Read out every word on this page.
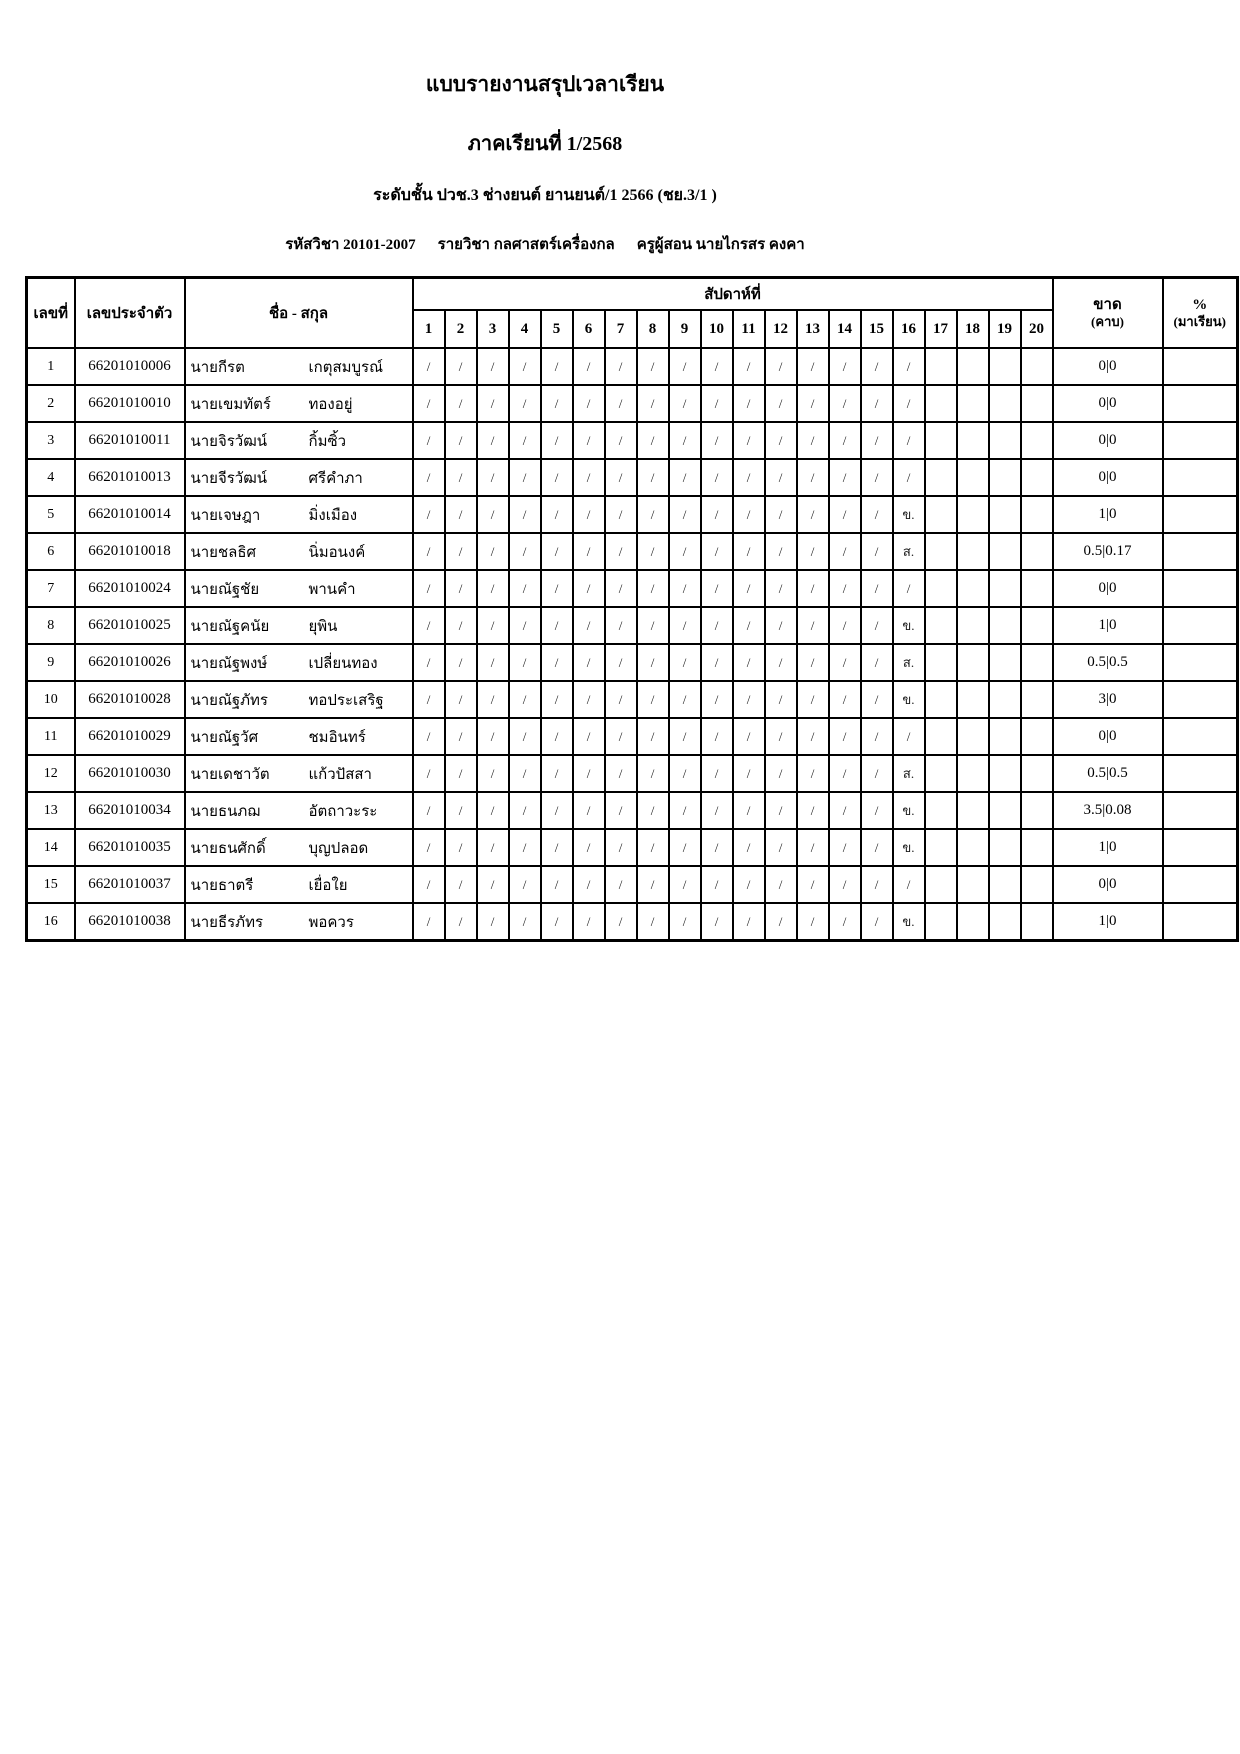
แบบรายงานสรุปเวลาเรียน

ภาคเรียนที่ 1/2568

ระดับชั้น ปวช.3 ช่างยนต์ ยานยนต์/1 2566 (ชย.3/1 )

รหัสวิชา 20101-2007 รายวิชา กลศาสตร์เครื่องกล ครูผู้สอน นายไกรสร คงคา

เลขที่	เลขประจำตัว	ชื่อ - สกุล	สัปดาห์ที่																				ขาด
(คาบ)	%
(มาเรียน)

			1	2	3	4	5	6	7	8	9	10	11	12	13	14	15	16	17	18	19	20		
1	66201010006	นายกีรต เกตุสมบูรณ์	/	/	/	/	/	/	/	/	/	/	/	/	/	/	/	/					0|0	
2	66201010010	นายเขมทัตร์ ทองอยู่	/	/	/	/	/	/	/	/	/	/	/	/	/	/	/	/					0|0	
3	66201010011	นายจิรวัฒน์ กิ้มซิ้ว	/	/	/	/	/	/	/	/	/	/	/	/	/	/	/	/					0|0	
4	66201010013	นายจีรวัฒน์ ศรีคำภา	/	/	/	/	/	/	/	/	/	/	/	/	/	/	/	/					0|0	
5	66201010014	นายเจษฎา มิ่งเมือง	/	/	/	/	/	/	/	/	/	/	/	/	/	/	/	ข.					1|0	
6	66201010018	นายชลธิศ นิ่มอนงค์	/	/	/	/	/	/	/	/	/	/	/	/	/	/	/	ส.					0.5|0.17	
7	66201010024	นายณัฐชัย พานคำ	/	/	/	/	/	/	/	/	/	/	/	/	/	/	/	/					0|0	
8	66201010025	นายณัฐคนัย ยุพิน	/	/	/	/	/	/	/	/	/	/	/	/	/	/	/	ข.					1|0	
9	66201010026	นายณัฐพงษ์ เปลี่ยนทอง	/	/	/	/	/	/	/	/	/	/	/	/	/	/	/	ส.					0.5|0.5	
10	66201010028	นายณัฐภัทร ทอประเสริฐ	/	/	/	/	/	/	/	/	/	/	/	/	/	/	/	ข.					3|0	
11	66201010029	นายณัฐวัศ ชมอินทร์	/	/	/	/	/	/	/	/	/	/	/	/	/	/	/	/					0|0	
12	66201010030	นายเดชาวัต แก้วปัสสา	/	/	/	/	/	/	/	/	/	/	/	/	/	/	/	ส.					0.5|0.5	
13	66201010034	นายธนภฌ อัตถาวะระ	/	/	/	/	/	/	/	/	/	/	/	/	/	/	/	ข.					3.5|0.08	
14	66201010035	นายธนศักดิ์ บุญปลอด	/	/	/	/	/	/	/	/	/	/	/	/	/	/	/	ข.					1|0	
15	66201010037	นายธาตรี เยื่อใย	/	/	/	/	/	/	/	/	/	/	/	/	/	/	/	/					0|0	
16	66201010038	นายธีรภัทร พอควร	/	/	/	/	/	/	/	/	/	/	/	/	/	/	/	ข.					1|0	
